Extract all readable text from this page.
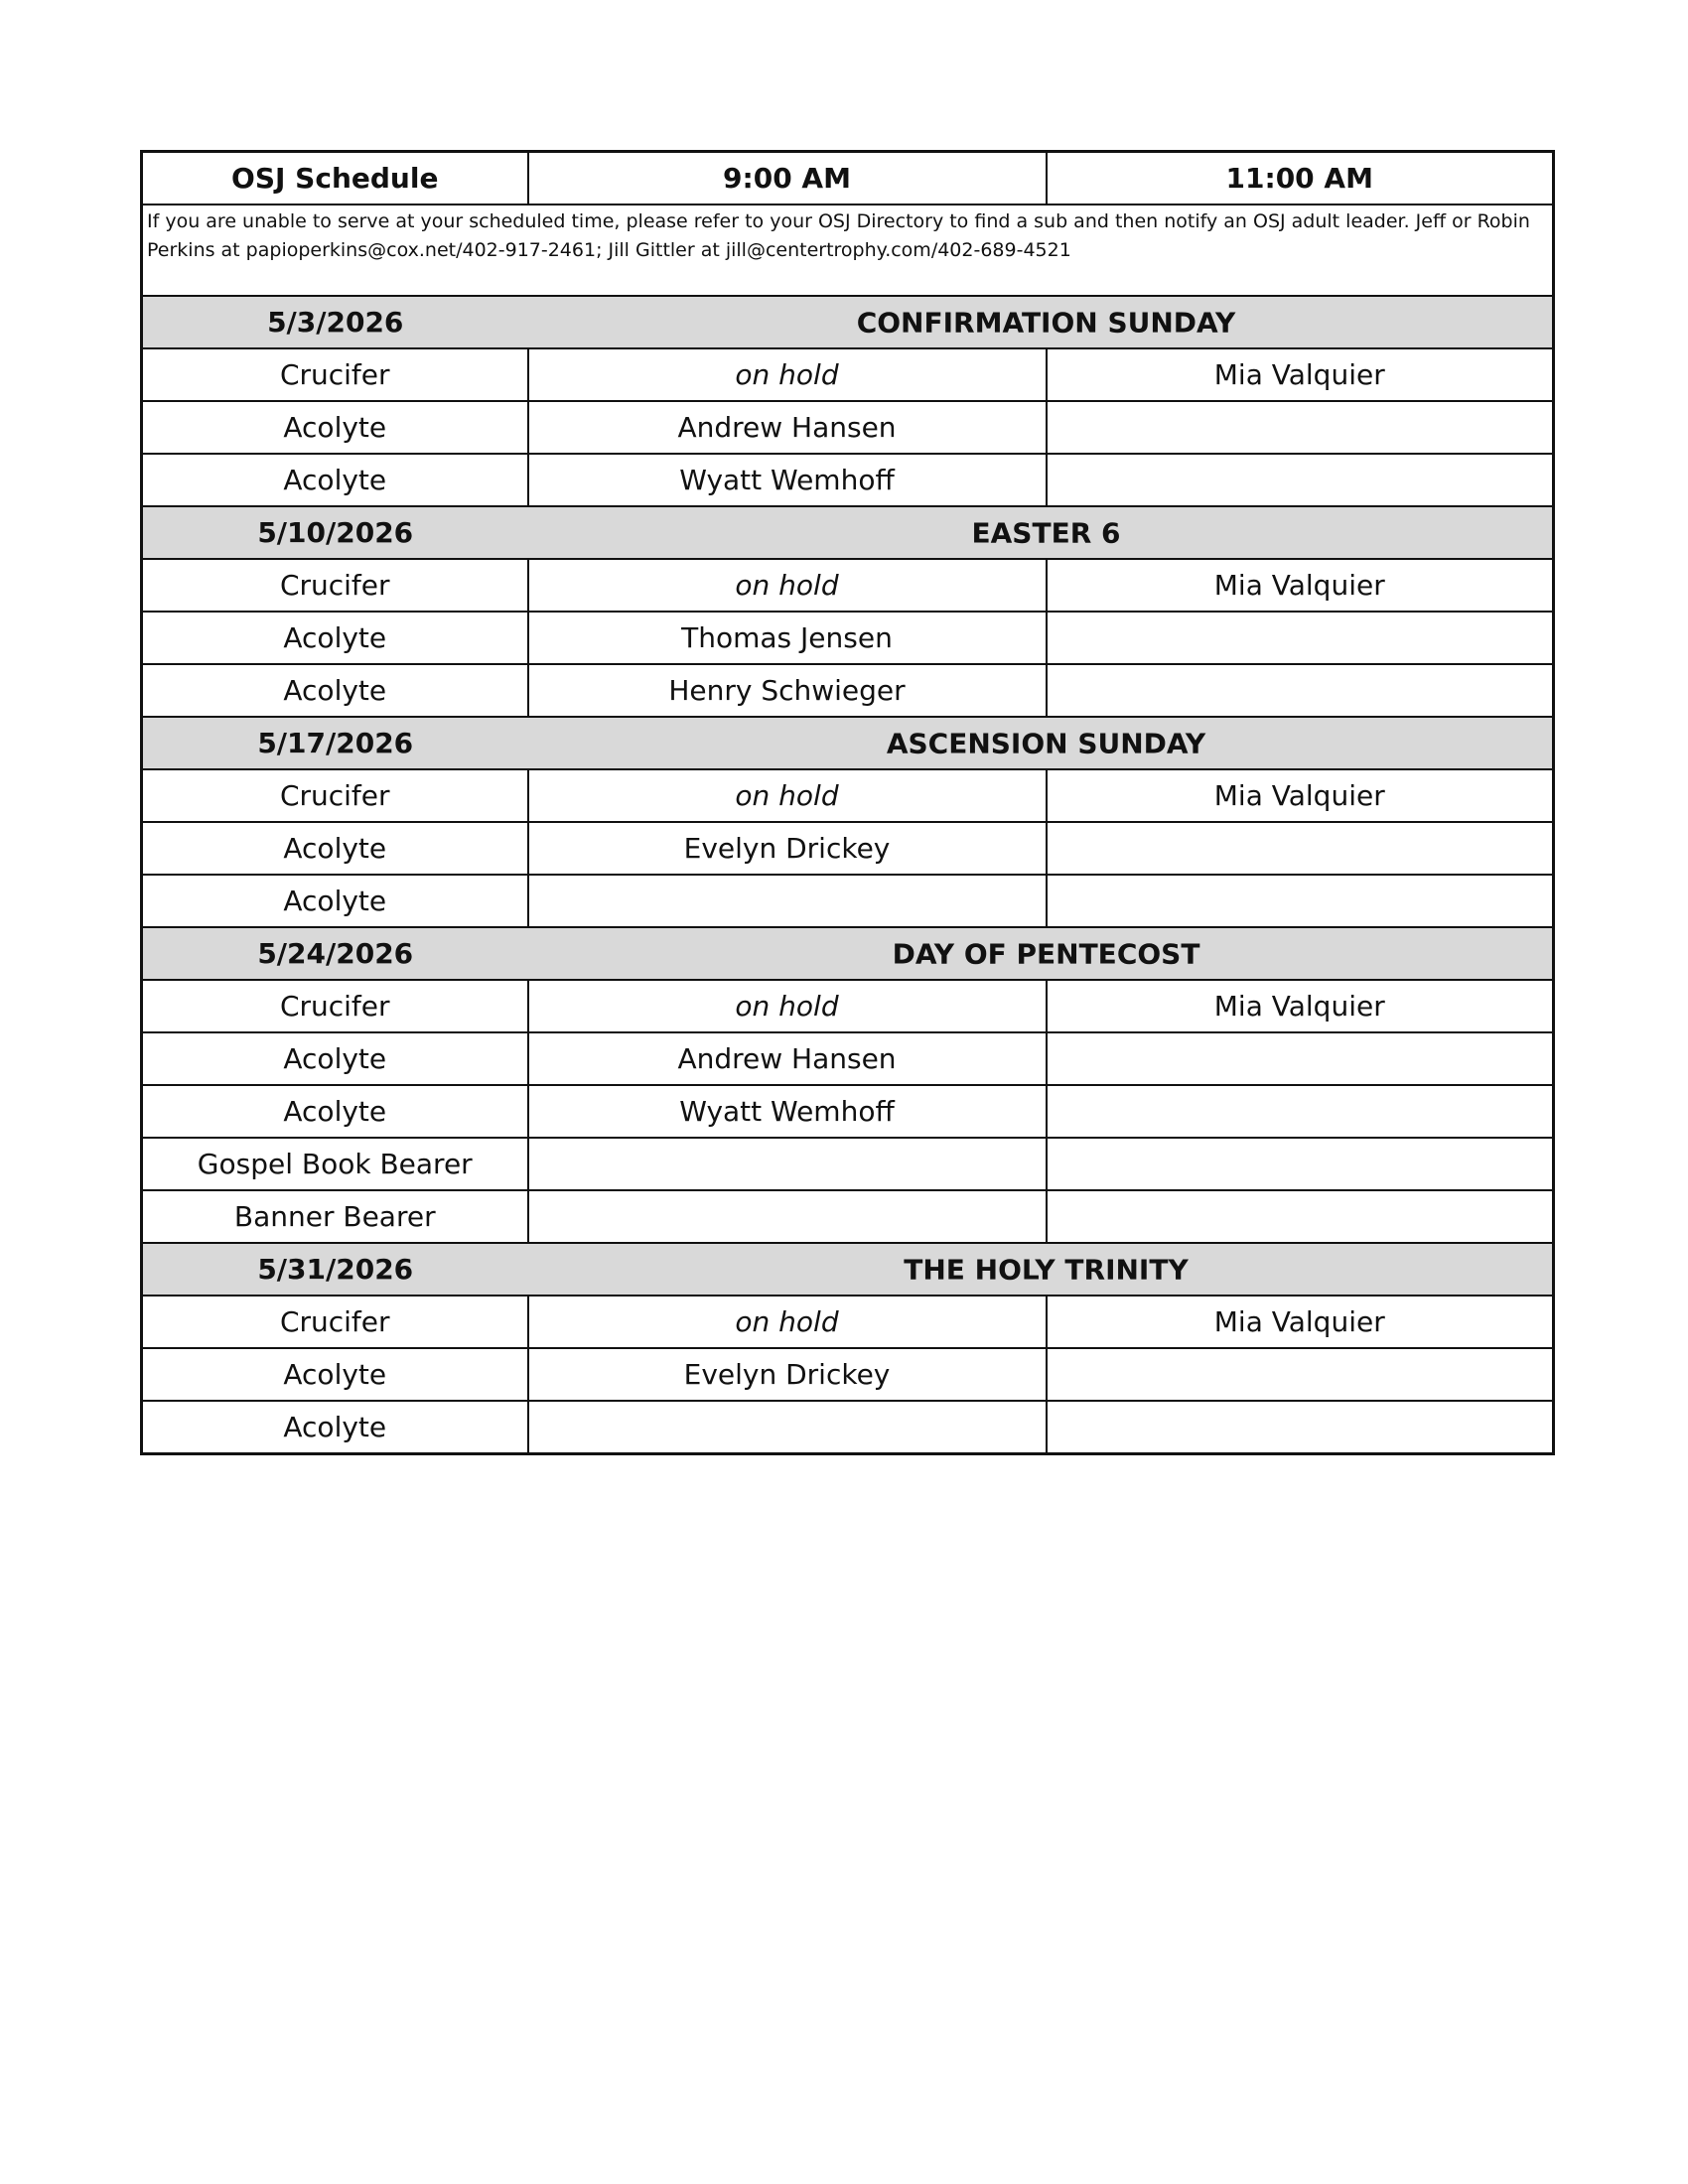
OSJ Schedule	9:00 AM	11:00 AM
If you are unable to serve at your scheduled time, please refer to your OSJ Directory to find a sub and then notify an OSJ adult leader. Jeff or Robin Perkins at papioperkins@cox.net/402-917-2461; Jill Gittler at jill@centertrophy.com/402-689-4521		
5/3/2026	CONFIRMATION SUNDAY	

Crucifer	on hold	Mia Valquier
Acolyte	Andrew Hansen	
Acolyte	Wyatt Wemhoff	
5/10/2026	EASTER 6	

Crucifer	on hold	Mia Valquier
Acolyte	Thomas Jensen	
Acolyte	Henry Schwieger	
5/17/2026	ASCENSION SUNDAY	

Crucifer	on hold	Mia Valquier
Acolyte	Evelyn Drickey	
Acolyte		
5/24/2026	DAY OF PENTECOST	

Crucifer	on hold	Mia Valquier
Acolyte	Andrew Hansen	
Acolyte	Wyatt Wemhoff	
Gospel Book Bearer		
Banner Bearer		
5/31/2026	THE HOLY TRINITY	

Crucifer	on hold	Mia Valquier
Acolyte	Evelyn Drickey	
Acolyte		
